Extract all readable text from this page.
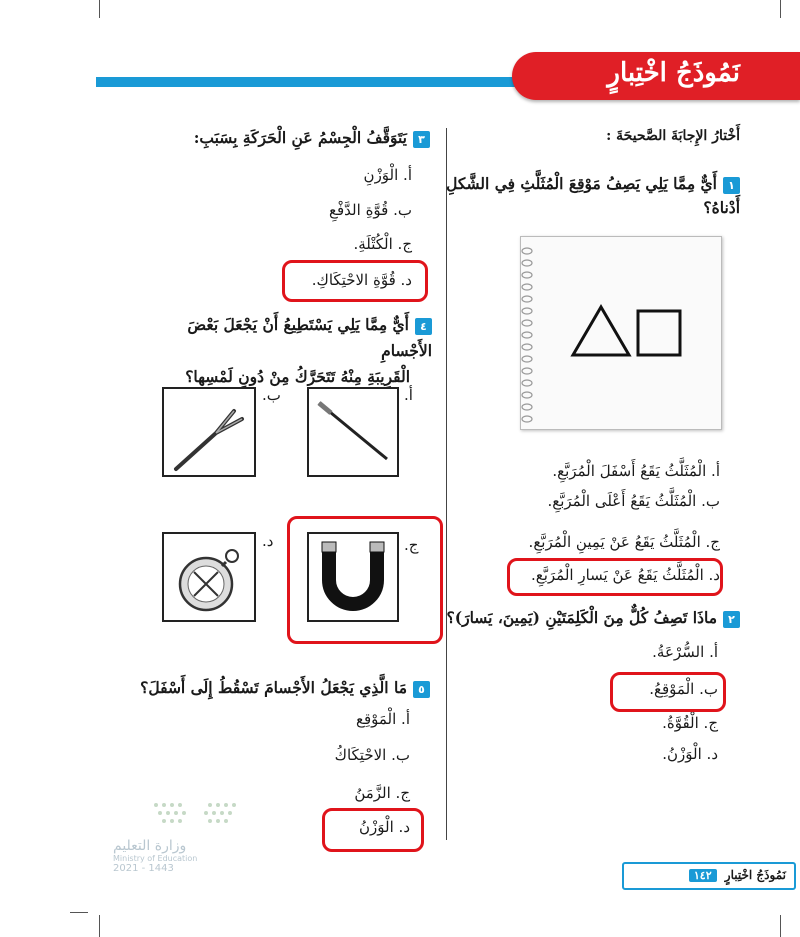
نَمُوذَجُ اخْتِبارٍ
أَخْتارُ الإِجابَةَ الصَّحيحَةَ :
١أَيٌّ مِمَّا يَلِي يَصِفُ مَوْقِعَ الْمُثَلَّثِ فِي الشَّكلِ أَدْناهُ؟
أ. الْمُثَلَّثُ يَقَعُ أَسْفَلَ الْمُرَبَّعِ.
ب. الْمُثَلَّثُ يَقَعُ أَعْلَى الْمُرَبَّعِ.
ج. الْمُثَلَّثُ يَقَعُ عَنْ يَمِينِ الْمُرَبَّعِ.
د. الْمُثَلَّثُ يَقَعُ عَنْ يَسارِ الْمُرَبَّعِ.
٢ماذَا تَصِفُ كُلٌّ مِنَ الْكَلِمَتَيْنِ (يَمِينَ، يَسارَ)؟
أ. السُّرْعَةُ.
ب. الْمَوْقِعُ.
ج. الْقُوَّةُ.
د. الْوَزْنُ.
٣يَتَوَقَّفُ الْجِسْمُ عَنِ الْحَرَكَةِ بِسَبَبِ:
أ. الْوَزْنِ
ب. قُوَّةِ الدَّفْعِ
ج. الْكُتْلَةِ.
د. قُوَّةِ الاحْتِكَاكِ.
٤أَيٌّ مِمَّا يَلِي يَسْتَطِيعُ أَنْ يَجْعَلَ بَعْضَ الأَجْسامِ
الْقَرِيبَةِ مِنْهُ تَتَحَرَّكُ مِنْ دُونِ لَمْسِها؟
أ.
ب.
ج.
د.
٥مَا الَّذِي يَجْعَلُ الأَجْسامَ تَسْقُطُ إِلَى أَسْفَلَ؟
أ. الْمَوْقِع
ب. الاحْتِكَاكُ
ج. الزَّمَنُ
د. الْوَزْنُ
وزارة التعليم
Ministry of Education
2021 - 1443	نَمُوذَجُ اخْتِبارٍ ١٤٢
